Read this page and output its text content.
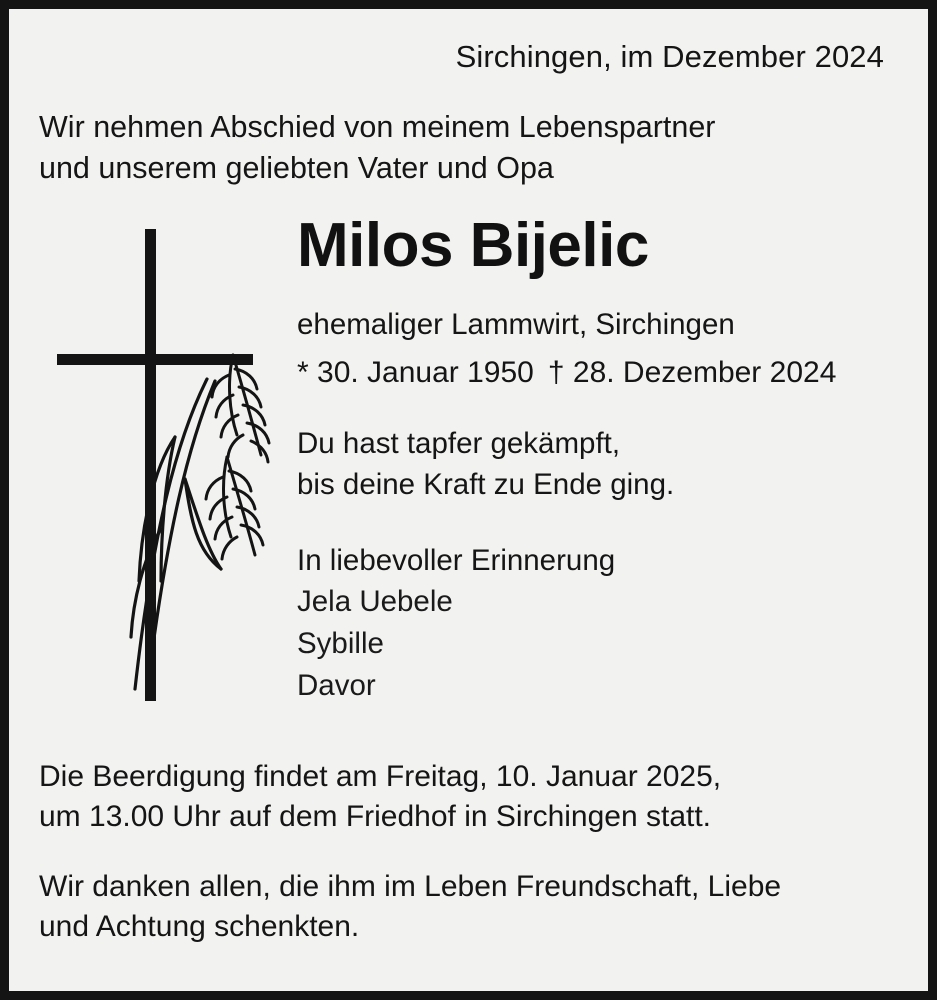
Sirchingen, im Dezember 2024
Wir nehmen Abschied von meinem Lebenspartner
und unserem geliebten Vater und Opa
Milos Bijelic
ehemaliger Lammwirt, Sirchingen
* 30. Januar 1950 † 28. Dezember 2024
Du hast tapfer gekämpft,
bis deine Kraft zu Ende ging.
In liebevoller Erinnerung
Jela Uebele
Sybille
Davor
Die Beerdigung findet am Freitag, 10. Januar 2025,
um 13.00 Uhr auf dem Friedhof in Sirchingen statt.
Wir danken allen, die ihm im Leben Freundschaft, Liebe
und Achtung schenkten.
